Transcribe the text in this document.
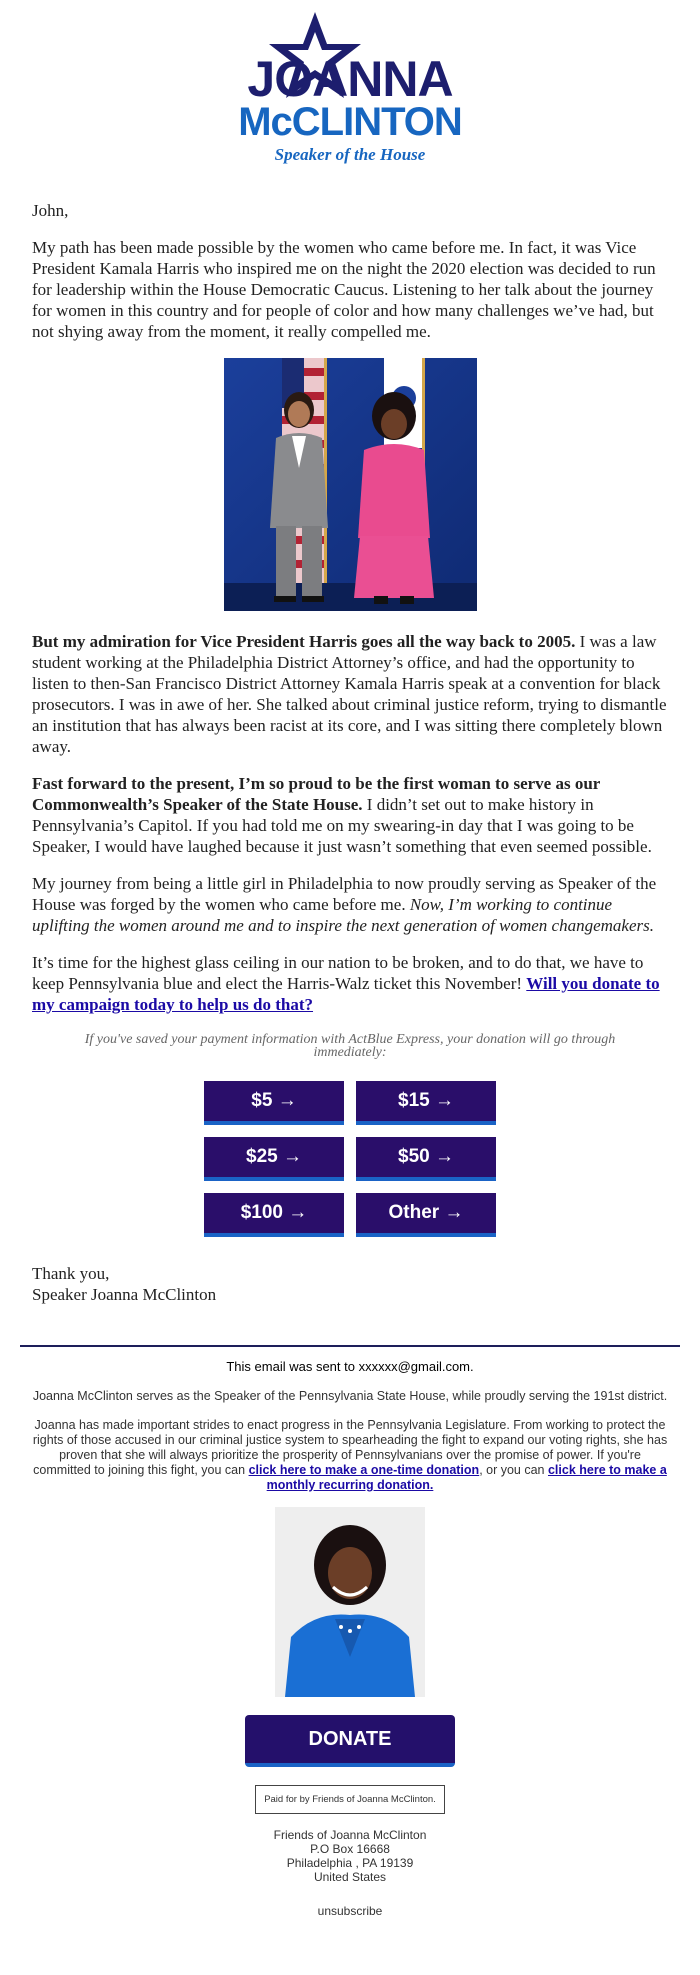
JOANNA
McCLINTON
Speaker of the House

John,

My path has been made possible by the women who came before me. In fact, it was Vice President Kamala Harris who inspired me on the night the 2020 election was decided to run for leadership within the House Democratic Caucus. Listening to her talk about the journey for women in this country and for people of color and how many challenges we’ve had, but not shying away from the moment, it really compelled me.

But my admiration for Vice President Harris goes all the way back to 2005. I was a law student working at the Philadelphia District Attorney’s office, and had the opportunity to listen to then-San Francisco District Attorney Kamala Harris speak at a convention for black prosecutors. I was in awe of her. She talked about criminal justice reform, trying to dismantle an institution that has always been racist at its core, and I was sitting there completely blown away.

Fast forward to the present, I’m so proud to be the first woman to serve as our Commonwealth’s Speaker of the State House. I didn’t set out to make history in Pennsylvania’s Capitol. If you had told me on my swearing-in day that I was going to be Speaker, I would have laughed because it just wasn’t something that even seemed possible.

My journey from being a little girl in Philadelphia to now proudly serving as Speaker of the House was forged by the women who came before me. Now, I’m working to continue uplifting the women around me and to inspire the next generation of women changemakers.

It’s time for the highest glass ceiling in our nation to be broken, and to do that, we have to keep Pennsylvania blue and elect the Harris-Walz ticket this November! Will you donate to my campaign today to help us do that?

If you've saved your payment information with ActBlue Express, your donation will go through immediately:
$5 →	$15 →
$25 →	$50 →
$100 →	Other →
Thank you,
Speaker Joanna McClinton

This email was sent to xxxxxx@gmail.com.

Joanna McClinton serves as the Speaker of the Pennsylvania State House, while proudly serving the 191st district.

Joanna has made important strides to enact progress in the Pennsylvania Legislature. From working to protect the rights of those accused in our criminal justice system to spearheading the fight to expand our voting rights, she has proven that she will always prioritize the prosperity of Pennsylvanians over the promise of power. If you're committed to joining this fight, you can click here to make a one-time donation, or you can click here to make a monthly recurring donation.

DONATE
Paid for by Friends of Joanna McClinton.
Friends of Joanna McClinton
P.O Box 16668
Philadelphia , PA 19139
United States
unsubscribe
